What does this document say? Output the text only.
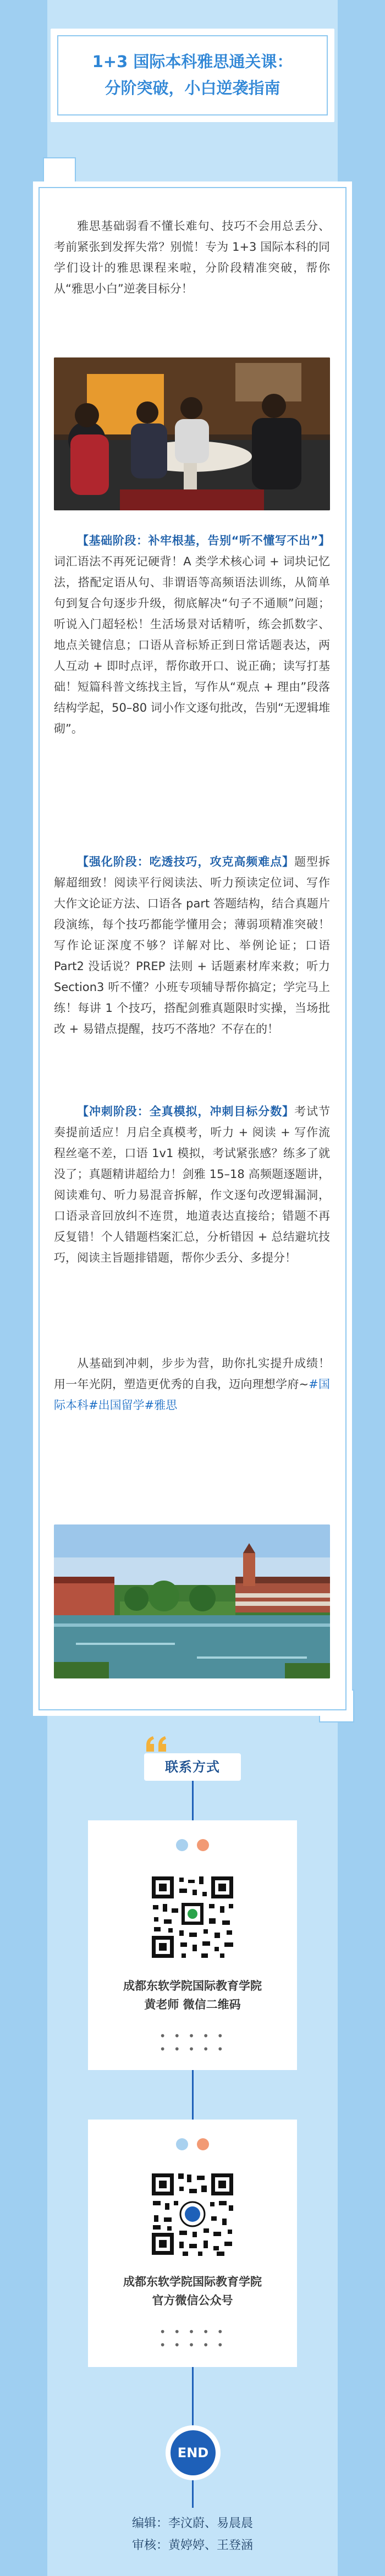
1+3 国际本科雅思通关课：
分阶突破，小白逆袭指南
雅思基础弱看不懂长难句、技巧不会用总丢分、考前紧张到发挥失常？别慌！专为 1+3 国际本科的同学们设计的雅思课程来啦，分阶段精准突破，帮你从“雅思小白”逆袭目标分！
【基础阶段：补牢根基，告别“听不懂写不出”】词汇语法不再死记硬背！A 类学术核心词 + 词块记忆法，搭配定语从句、非谓语等高频语法训练，从简单句到复合句逐步升级，彻底解决“句子不通顺”问题；听说入门超轻松！生活场景对话精听，练会抓数字、地点关键信息；口语从音标矫正到日常话题表达，两人互动 + 即时点评，帮你敢开口、说正确；读写打基础！短篇科普文练找主旨，写作从“观点 + 理由”段落结构学起，50–80 词小作文逐句批改，告别“无逻辑堆砌”。
【强化阶段：吃透技巧，攻克高频难点】题型拆解超细致！阅读平行阅读法、听力预读定位词、写作大作文论证方法、口语各 part 答题结构，结合真题片段演练，每个技巧都能学懂用会；薄弱项精准突破！写作论证深度不够？详解对比、举例论证；口语 Part2 没话说？PREP 法则 + 话题素材库来救；听力 Section3 听不懂？小班专项辅导帮你搞定；学完马上练！每讲 1 个技巧，搭配剑雅真题限时实操，当场批改 + 易错点提醒，技巧不落地？不存在的！
【冲刺阶段：全真模拟，冲刺目标分数】考试节奏提前适应！月启全真模考，听力 + 阅读 + 写作流程丝毫不差，口语 1v1 模拟，考试紧张感？练多了就没了；真题精讲超给力！剑雅 15–18 高频题逐题讲，阅读难句、听力易混音拆解，作文逐句改逻辑漏洞，口语录音回放纠不连贯，地道表达直接给；错题不再反复错！个人错题档案汇总，分析错因 + 总结避坑技巧，阅读主旨题排错题，帮你少丢分、多提分！
从基础到冲刺，步步为营，助你扎实提升成绩！用一年光阴，塑造更优秀的自我，迈向理想学府~#国际本科#出国留学#雅思
联系方式
成都东软学院国际教育学院
黄老师 微信二维码
• • • • •
• • • • •
成都东软学院国际教育学院
官方微信公众号
• • • • •
• • • • •
END
编辑：李汶蔚、易晨晨
审核：黄婷婷、王登涵
